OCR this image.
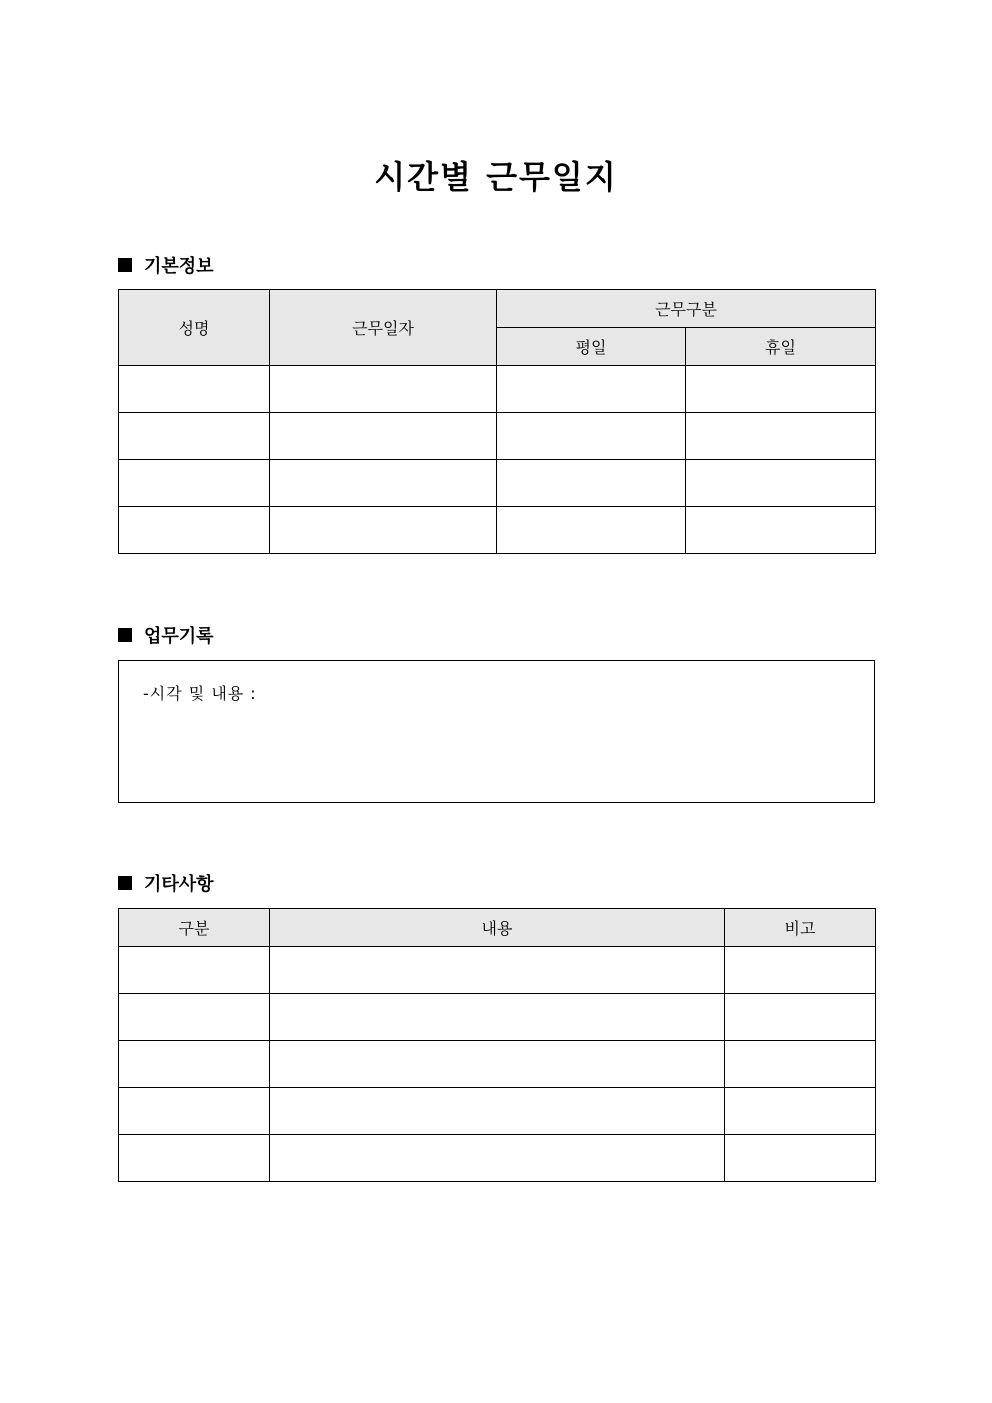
시간별 근무일지
기본정보
성명	근무일자	근무구분	
		평일	휴일

업무기록
-시각 및 내용 :
기타사항
구분	내용	비고
